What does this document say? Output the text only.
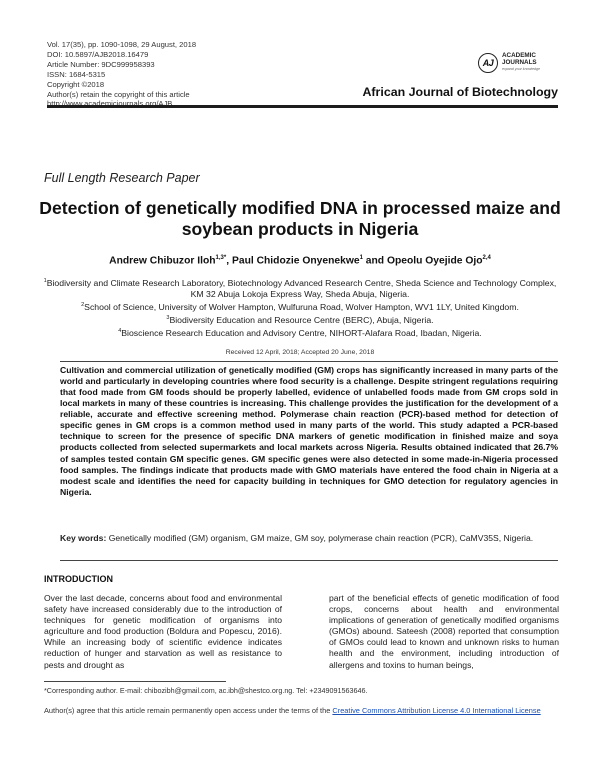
Vol. 17(35), pp. 1090-1098, 29 August, 2018
DOI: 10.5897/AJB2018.16479
Article Number: 9DC999958393
ISSN: 1684-5315
Copyright ©2018
Author(s) retain the copyright of this article
http://www.academicjournals.org/AJB
AJ
ACADEMIC
JOURNALS
expand your knowledge
African Journal of Biotechnology
Full Length Research Paper
Detection of genetically modified DNA in processed maize and soybean products in Nigeria
Andrew Chibuzor Iloh$^{1,3*}$, Paul Chidozie Onyenekwe$^1$ and Opeolu Oyejide Ojo$^{2,4}$
$^1$Biodiversity and Climate Research Laboratory, Biotechnology Advanced Research Centre, Sheda Science and Technology Complex, KM 32 Abuja Lokoja Express Way, Sheda Abuja, Nigeria.
$^2$School of Science, University of Wolver Hampton, Wulfuruna Road, Wolver Hampton, WV1 1LY, United Kingdom.
$^3$Biodiversity Education and Resource Centre (BERC), Abuja, Nigeria.
$^4$Bioscience Research Education and Advisory Centre, NIHORT-Alafara Road, Ibadan, Nigeria.
Received 12 April, 2018; Accepted 20 June, 2018
Cultivation and commercial utilization of genetically modified (GM) crops has significantly increased in many parts of the world and particularly in developing countries where food security is a challenge. Despite stringent regulations requiring that food made from GM foods should be properly labelled, evidence of unlabelled foods made from GM crops sold in local markets in many of these countries is increasing. This challenge provides the justification for the development of a reliable, accurate and effective screening method. Polymerase chain reaction (PCR)-based method for detection of specific genes in GM crops is a common method used in many parts of the world. This study adapted a PCR-based technique to screen for the presence of specific DNA markers of genetic modification in finished maize and soya products collected from selected supermarkets and local markets across Nigeria. Results obtained indicated that 26.7% of samples tested contain GM specific genes. GM specific genes were also detected in some made-in-Nigeria processed food samples. The findings indicate that products made with GMO materials have entered the food chain in Nigeria at a modest scale and identifies the need for capacity building in techniques for GMO detection for regulatory agencies in Nigeria.
Key words: Genetically modified (GM) organism, GM maize, GM soy, polymerase chain reaction (PCR), CaMV35S, Nigeria.
INTRODUCTION
Over the last decade, concerns about food and environmental safety have increased considerably due to the introduction of techniques for genetic modification of organisms into agriculture and food production (Boldura and Popescu, 2016). While an increasing body of scientific evidence indicates reduction of hunger and starvation as well as resistance to pests and drought as
part of the beneficial effects of genetic modification of food crops, concerns about health and environmental implications of generation of genetically modified organisms (GMOs) abound. Sateesh (2008) reported that consumption of GMOs could lead to known and unknown risks to human health and the environment, including introduction of allergens and toxins to human beings,
*Corresponding author. E-mail: chibozibh@gmail.com, ac.ibh@shestco.org.ng. Tel: +2349091563646.
Author(s) agree that this article remain permanently open access under the terms of the Creative Commons Attribution License 4.0 International License
